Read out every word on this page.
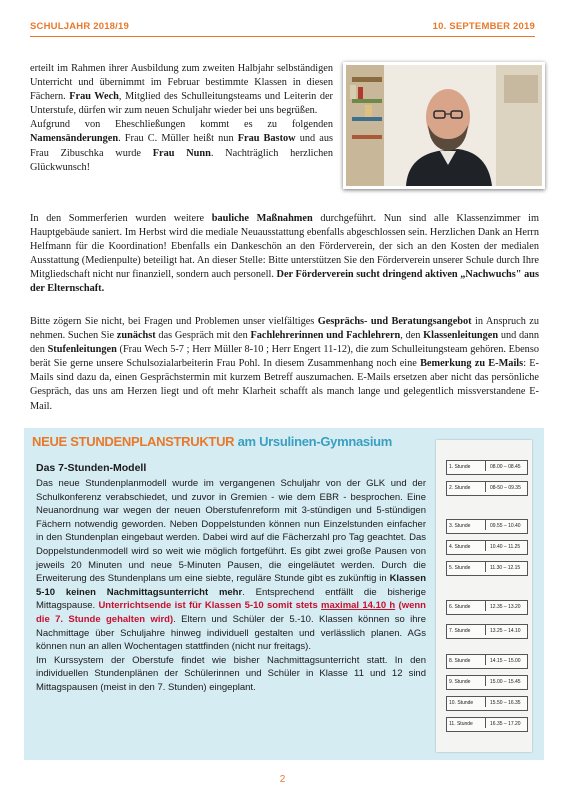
SCHULJAHR 2018/19	10. SEPTEMBER 2019

erteilt im Rahmen ihrer Ausbildung zum zweiten Halbjahr selbständigen Unterricht und übernimmt im Februar bestimmte Klassen in diesen Fächern. Frau Wech, Mitglied des Schulleitungsteams und Leiterin der Unterstufe, dürfen wir zum neuen Schuljahr wieder bei uns begrüßen.
Aufgrund von Eheschließungen kommt es zu folgenden Namensänderungen. Frau C. Müller heißt nun Frau Bastow und aus Frau Zibuschka wurde Frau Nunn. Nachträglich herzlichen Glückwunsch!

In den Sommerferien wurden weitere bauliche Maßnahmen durchgeführt. Nun sind alle Klassenzimmer im Hauptgebäude saniert. Im Herbst wird die mediale Neuausstattung ebenfalls abgeschlossen sein. Herzlichen Dank an Herrn Helfmann für die Koordination! Ebenfalls ein Dankeschön an den Förderverein, der sich an den Kosten der medialen Ausstattung (Medienpulte) beteiligt hat. An dieser Stelle: Bitte unterstützen Sie den Förderverein unserer Schule durch Ihre Mitgliedschaft nicht nur finanziell, sondern auch personell. Der Förderverein sucht dringend aktiven „Nachwuchs" aus der Elternschaft.

Bitte zögern Sie nicht, bei Fragen und Problemen unser vielfältiges Gesprächs- und Beratungsangebot in Anspruch zu nehmen. Suchen Sie zunächst das Gespräch mit den Fachlehrerinnen und Fachlehrern, den Klassenleitungen und dann den Stufenleitungen (Frau Wech 5-7 ; Herr Müller 8-10 ; Herr Engert 11-12), die zum Schulleitungsteam gehören. Ebenso berät Sie gerne unsere Schulsozialarbeiterin Frau Pohl. In diesem Zusammenhang noch eine Bemerkung zu E-Mails: E-Mails sind dazu da, einen Gesprächstermin mit kurzem Betreff auszumachen. E-Mails ersetzen aber nicht das persönliche Gespräch, das uns am Herzen liegt und oft mehr Klarheit schafft als manch lange und gelegentlich missverstandene E-Mail.

NEUE STUNDENPLANSTRUKTUR am Ursulinen-Gymnasium
Das 7-Stunden-Modell

Das neue Stundenplanmodell wurde im vergangenen Schuljahr von der GLK und der Schulkonferenz verabschiedet, und zuvor in Gremien - wie dem EBR - besprochen. Eine Neuanordnung war wegen der neuen Oberstufenreform mit 3-stündigen und 5-stündigen Fächern notwendig geworden. Neben Doppelstunden können nun Einzelstunden einfacher in den Stundenplan eingebaut werden. Dabei wird auf die Fächerzahl pro Tag geachtet. Das Doppelstundenmodell wird so weit wie möglich fortgeführt. Es gibt zwei große Pausen von jeweils 20 Minuten und neue 5-Minuten Pausen, die eingeläutet werden. Durch die Erweiterung des Stundenplans um eine siebte, reguläre Stunde gibt es zukünftig in Klassen 5-10 keinen Nachmittagsunterricht mehr. Entsprechend entfällt die bisherige Mittagspause. Unterrichtsende ist für Klassen 5-10 somit stets maximal 14.10 h (wenn die 7. Stunde gehalten wird). Eltern und Schüler der 5.-10. Klassen können so ihre Nachmittage über Schuljahre hinweg individuell gestalten und verlässlich planen. AGs können nun an allen Wochentagen stattfinden (nicht nur freitags).
Im Kurssystem der Oberstufe findet wie bisher Nachmittagsunterricht statt. In den individuellen Stundenplänen der Schülerinnen und Schüler in Klasse 11 und 12 sind Mittagspausen (meist in den 7. Stunden) eingeplant.

1. Stunde	08.00 – 08.45
2. Stunde	08-50 – 09.35
3. Stunde	09.55 – 10.40
4. Stunde	10.40 – 11.25
5. Stunde	11.30 – 12.15
6. Stunde	12.35 – 13.20
7. Stunde	13.25 – 14.10
8. Stunde	14.15 – 15.00
9. Stunde	15.00 – 15.45
10. Stunde	15.50 – 16.35
11. Stunde	16.35 – 17.20
2
